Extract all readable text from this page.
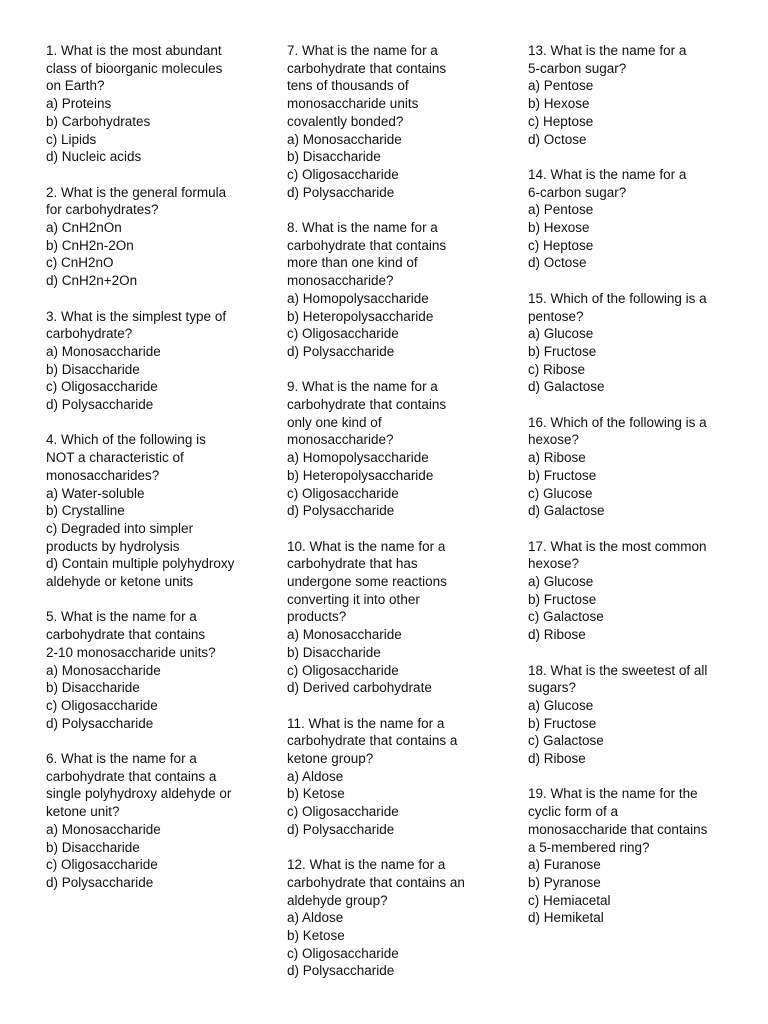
1. What is the most abundant
class of bioorganic molecules
on Earth?
a) Proteins
b) Carbohydrates
c) Lipids
d) Nucleic acids
2. What is the general formula
for carbohydrates?
a) CnH2nOn
b) CnH2n-2On
c) CnH2nO
d) CnH2n+2On
3. What is the simplest type of
carbohydrate?
a) Monosaccharide
b) Disaccharide
c) Oligosaccharide
d) Polysaccharide
4. Which of the following is
NOT a characteristic of
monosaccharides?
a) Water-soluble
b) Crystalline
c) Degraded into simpler
products by hydrolysis
d) Contain multiple polyhydroxy
aldehyde or ketone units
5. What is the name for a
carbohydrate that contains
2-10 monosaccharide units?
a) Monosaccharide
b) Disaccharide
c) Oligosaccharide
d) Polysaccharide
6. What is the name for a
carbohydrate that contains a
single polyhydroxy aldehyde or
ketone unit?
a) Monosaccharide
b) Disaccharide
c) Oligosaccharide
d) Polysaccharide
7. What is the name for a
carbohydrate that contains
tens of thousands of
monosaccharide units
covalently bonded?
a) Monosaccharide
b) Disaccharide
c) Oligosaccharide
d) Polysaccharide
8. What is the name for a
carbohydrate that contains
more than one kind of
monosaccharide?
a) Homopolysaccharide
b) Heteropolysaccharide
c) Oligosaccharide
d) Polysaccharide
9. What is the name for a
carbohydrate that contains
only one kind of
monosaccharide?
a) Homopolysaccharide
b) Heteropolysaccharide
c) Oligosaccharide
d) Polysaccharide
10. What is the name for a
carbohydrate that has
undergone some reactions
converting it into other
products?
a) Monosaccharide
b) Disaccharide
c) Oligosaccharide
d) Derived carbohydrate
11. What is the name for a
carbohydrate that contains a
ketone group?
a) Aldose
b) Ketose
c) Oligosaccharide
d) Polysaccharide
12. What is the name for a
carbohydrate that contains an
aldehyde group?
a) Aldose
b) Ketose
c) Oligosaccharide
d) Polysaccharide
13. What is the name for a
5-carbon sugar?
a) Pentose
b) Hexose
c) Heptose
d) Octose
14. What is the name for a
6-carbon sugar?
a) Pentose
b) Hexose
c) Heptose
d) Octose
15. Which of the following is a
pentose?
a) Glucose
b) Fructose
c) Ribose
d) Galactose
16. Which of the following is a
hexose?
a) Ribose
b) Fructose
c) Glucose
d) Galactose
17. What is the most common
hexose?
a) Glucose
b) Fructose
c) Galactose
d) Ribose
18. What is the sweetest of all
sugars?
a) Glucose
b) Fructose
c) Galactose
d) Ribose
19. What is the name for the
cyclic form of a
monosaccharide that contains
a 5-membered ring?
a) Furanose
b) Pyranose
c) Hemiacetal
d) Hemiketal
